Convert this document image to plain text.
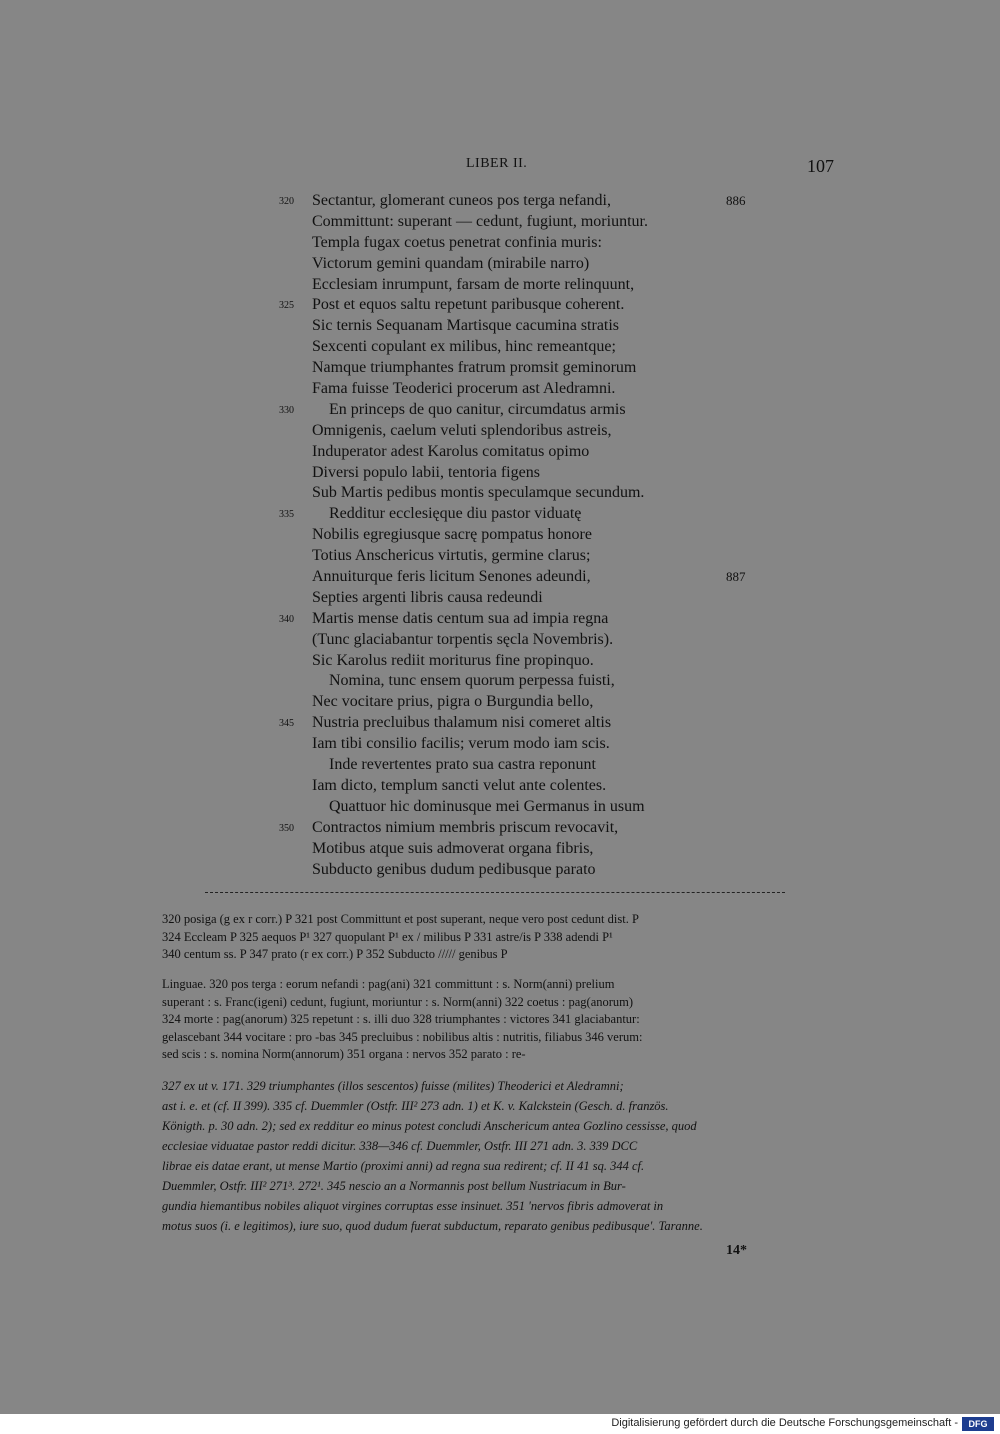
LIBER II.	107
320 Sectantur, glomerant cuneos pos terga nefandi,	886
Committunt: superant — cedunt, fugiunt, moriuntur.
Templa fugax coetus penetrat confinia muris:
Victorum gemini quandam (mirabile narro)
Ecclesiam inrumpunt, farsam de morte relinquunt,
325 Post et equos saltu repetunt paribusque coherent.
Sic ternis Sequanam Martisque cacumina stratis
Sexcenti copulant ex milibus, hinc remeantque;
Namque triumphantes fratrum promsit geminorum
Fama fuisse Teoderici procerum ast Aledramni.
330 En princeps de quo canitur, circumdatus armis
Omnigenis, caelum veluti splendoribus astreis,
Induperator adest Karolus comitatus opimo
Diversi populo labii, tentoria figens
Sub Martis pedibus montis speculamque secundum.
335 Redditur ecclesięque diu pastor viduatę
Nobilis egregiusque sacrę pompatus honore
Totius Anschericus virtutis, germine clarus;
Annuiturque feris licitum Senones adeundi,	887
Septies argenti libris causa redeundi
340 Martis mense datis centum sua ad impia regna
(Tunc glaciabantur torpentis sęcla Novembris).
Sic Karolus rediit moriturus fine propinquo.
Nomina, tunc ensem quorum perpessa fuisti,
Nec vocitare prius, pigra o Burgundia bello,
345 Nustria precluibus thalamum nisi comeret altis
Iam tibi consilio facilis; verum modo iam scis.
Inde revertentes prato sua castra reponunt
Iam dicto, templum sancti velut ante colentes.
Quattuor hic dominusque mei Germanus in usum
350 Contractos nimium membris priscum revocavit,
Motibus atque suis admoverat organa fibris,
Subducto genibus dudum pedibusque parato
320 posiga (g ex r corr.) P 321 post Committunt et post superant, neque vero post cedunt dist. P
324 Eccleam P 325 aequos P¹ 327 quopulant P¹ ex / milibus P 331 astre/is P 338 adendi P¹
340 centum ss. P 347 prato (r ex corr.) P 352 Subducto ///// genibus P
Linguae. 320 pos terga : eorum nefandi : pag(ani) 321 committunt : s. Norm(anni) prelium
superant : s. Franc(igeni) cedunt, fugiunt, moriuntur : s. Norm(anni) 322 coetus : pag(anorum)
324 morte : pag(anorum) 325 repetunt : s. illi duo 328 triumphantes : victores 341 glaciabantur:
gelascebant 344 vocitare : pro -bas 345 precluibus : nobilibus altis : nutritis, filiabus 346 verum:
sed scis : s. nomina Norm(annorum) 351 organa : nervos 352 parato : re-
327 ex ut v. 171. 329 triumphantes (illos sescentos) fuisse (milites) Theoderici et Aledramni;
ast i. e. et (cf. II 399). 335 cf. Duemmler (Ostfr. III² 273 adn. 1) et K. v. Kalckstein (Gesch. d. französ.
Königth. p. 30 adn. 2); sed ex redditur eo minus potest concludi Anschericum antea Gozlino cessisse, quod
ecclesiae viduatae pastor reddi dicitur. 338—346 cf. Duemmler, Ostfr. III 271 adn. 3. 339 DCC
librae eis datae erant, ut mense Martio (proximi anni) ad regna sua redirent; cf. II 41 sq. 344 cf.
Duemmler, Ostfr. III² 271³. 272¹. 345 nescio an a Normannis post bellum Nustriacum in Bur-
gundia hiemantibus nobiles aliquot virgines corruptas esse insinuet. 351 'nervos fibris admoverat in
motus suos (i. e legitimos), iure suo, quod dudum fuerat subductum, reparato genibus pedibusque'. Taranne.
14*
Digitalisierung gefördert durch die Deutsche Forschungsgemeinschaft -	DFG
